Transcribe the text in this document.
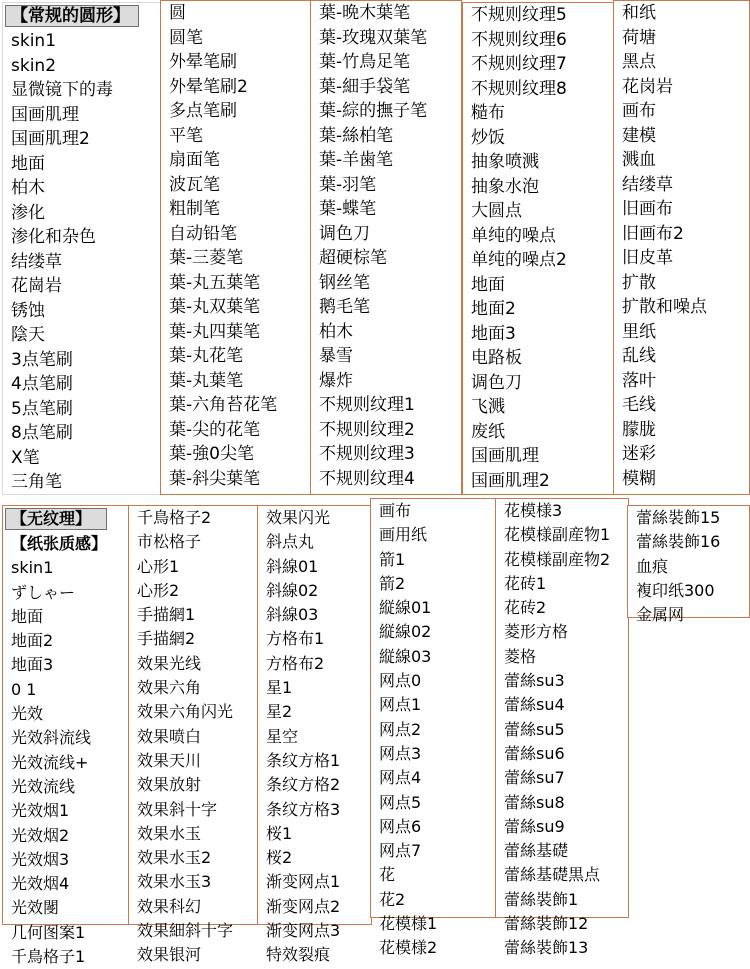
【常规的圆形】
skin1
skin2
显微镜下的毒
国画肌理
国画肌理2
地面
柏木
渗化
渗化和杂色
结缕草
花崗岩
锈蚀
陰天
3点笔刷
4点笔刷
5点笔刷
8点笔刷
X笔
三角笔
圆
圆笔
外晕笔刷
外晕笔刷2
多点笔刷
平笔
扇面笔
波瓦笔
粗制笔
自动铅笔
葉-三菱笔
葉-丸五葉笔
葉-丸双葉笔
葉-丸四葉笔
葉-丸花笔
葉-丸葉笔
葉-六角苔花笔
葉-尖的花笔
葉-強0尖笔
葉-斜尖葉笔
葉-晩木葉笔
葉-玫瑰双葉笔
葉-竹鳥足笔
葉-細手袋笔
葉-綜的撫子笔
葉-絲柏笔
葉-羊歯笔
葉-羽笔
葉-蝶笔
调色刀
超硬棕笔
钢丝笔
鹅毛笔
柏木
暴雪
爆炸
不规则纹理1
不规则纹理2
不规则纹理3
不规则纹理4
不规则纹理5
不规则纹理6
不规则纹理7
不规则纹理8
糙布
炒饭
抽象喷溅
抽象水泡
大圆点
单纯的噪点
单纯的噪点2
地面
地面2
地面3
电路板
调色刀
飞溅
废纸
国画肌理
国画肌理2
和纸
荷塘
黑点
花岗岩
画布
建模
溅血
结缕草
旧画布
旧画布2
旧皮革
扩散
扩散和噪点
里纸
乱线
落叶
毛线
朦胧
迷彩
模糊
【无纹理】
【纸张质感】
skin1
ずしゃー
地面
地面2
地面3
0 1
光效
光效斜流线
光效流线+
光效流线
光效烟1
光效烟2
光效烟3
光效烟4
光效閿
几何图案1
千鳥格子1
千鳥格子2
市松格子
心形1
心形2
手描網1
手描網2
效果光线
效果六角
效果六角闪光
效果喷白
效果天川
效果放射
效果斜十字
效果水玉
效果水玉2
效果水玉3
效果科幻
效果細斜十字
效果银河
效果闪光
斜点丸
斜線01
斜線02
斜線03
方格布1
方格布2
星1
星2
星空
条纹方格1
条纹方格2
条纹方格3
桜1
桜2
渐变网点1
渐变网点2
渐变网点3
特效裂痕
画布
画用纸
箭1
箭2
縦線01
縦線02
縦線03
网点0
网点1
网点2
网点3
网点4
网点5
网点6
网点7
花
花2
花模様1
花模様2
花模様3
花模様副産物1
花模様副産物2
花砖1
花砖2
菱形方格
菱格
蕾絲su3
蕾絲su4
蕾絲su5
蕾絲su6
蕾絲su7
蕾絲su8
蕾絲su9
蕾絲基礎
蕾絲基礎黒点
蕾絲裝飾1
蕾絲裝飾12
蕾絲裝飾13
蕾絲裝飾15
蕾絲裝飾16
血痕
複印纸300
金属网
